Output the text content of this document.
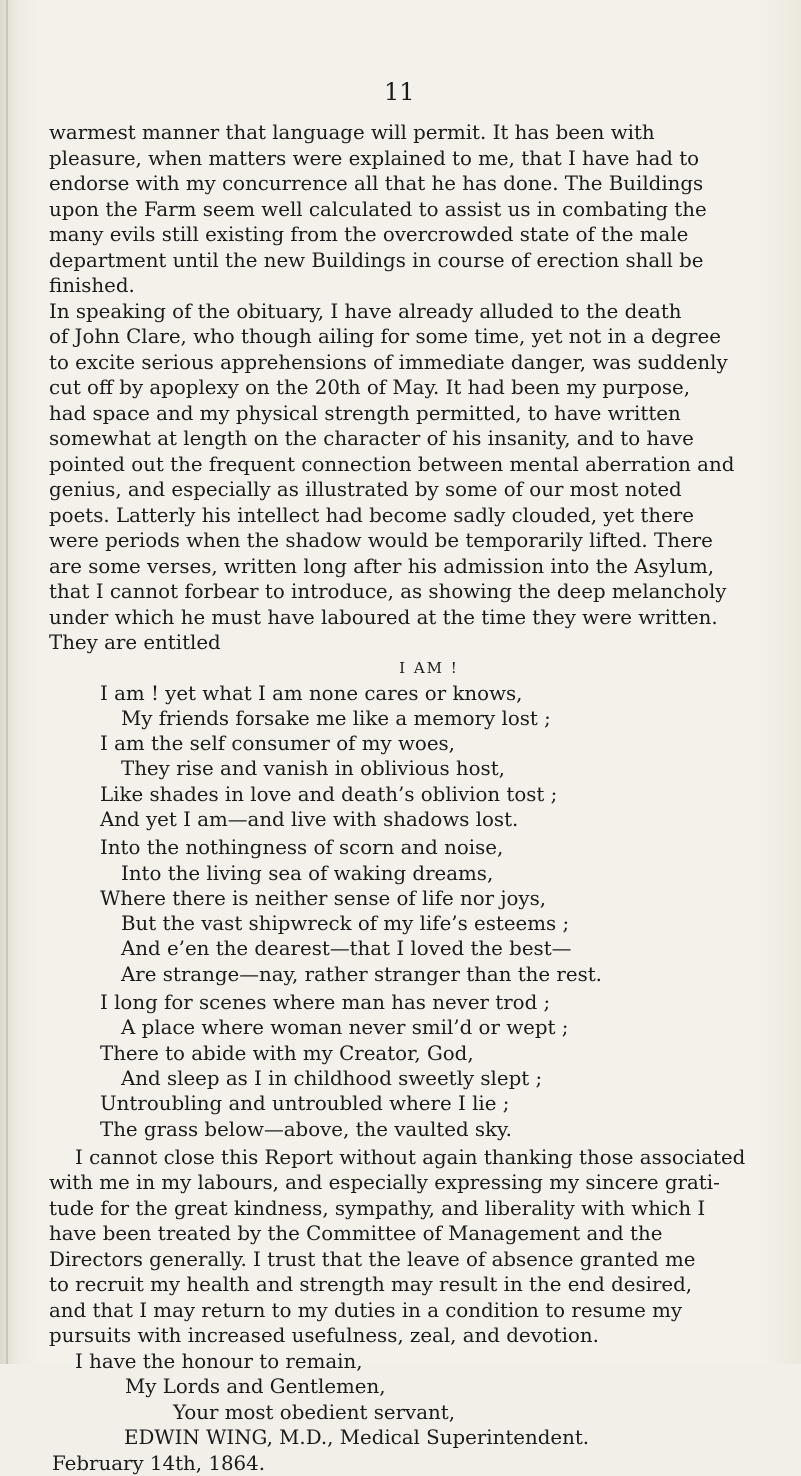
11

warmest manner that language will permit. It has been with
pleasure, when matters were explained to me, that I have had to
endorse with my concurrence all that he has done. The Buildings
upon the Farm seem well calculated to assist us in combating the
many evils still existing from the overcrowded state of the male
department until the new Buildings in course of erection shall be
finished.

In speaking of the obituary, I have already alluded to the death
of John Clare, who though ailing for some time, yet not in a degree
to excite serious apprehensions of immediate danger, was suddenly
cut off by apoplexy on the 20th of May. It had been my purpose,
had space and my physical strength permitted, to have written
somewhat at length on the character of his insanity, and to have
pointed out the frequent connection between mental aberration and
genius, and especially as illustrated by some of our most noted
poets. Latterly his intellect had become sadly clouded, yet there
were periods when the shadow would be temporarily lifted. There
are some verses, written long after his admission into the Asylum,
that I cannot forbear to introduce, as showing the deep melancholy
under which he must have laboured at the time they were written.
They are entitled

I AM !

I am ! yet what I am none cares or knows,
My friends forsake me like a memory lost ;
I am the self consumer of my woes,
They rise and vanish in oblivious host,
Like shades in love and death’s oblivion tost ;
And yet I am—and live with shadows lost.
Into the nothingness of scorn and noise,
Into the living sea of waking dreams,
Where there is neither sense of life nor joys,
But the vast shipwreck of my life’s esteems ;
And e’en the dearest—that I loved the best—
Are strange—nay, rather stranger than the rest.
I long for scenes where man has never trod ;
A place where woman never smil’d or wept ;
There to abide with my Creator, God,
And sleep as I in childhood sweetly slept ;
Untroubling and untroubled where I lie ;
The grass below—above, the vaulted sky.

I cannot close this Report without again thanking those associated
with me in my labours, and especially expressing my sincere grati-
tude for the great kindness, sympathy, and liberality with which I
have been treated by the Committee of Management and the
Directors generally. I trust that the leave of absence granted me
to recruit my health and strength may result in the end desired,
and that I may return to my duties in a condition to resume my
pursuits with increased usefulness, zeal, and devotion.

I have the honour to remain,
My Lords and Gentlemen,
Your most obedient servant,
EDWIN WING, M.D., Medical Superintendent.
February 14th, 1864.
